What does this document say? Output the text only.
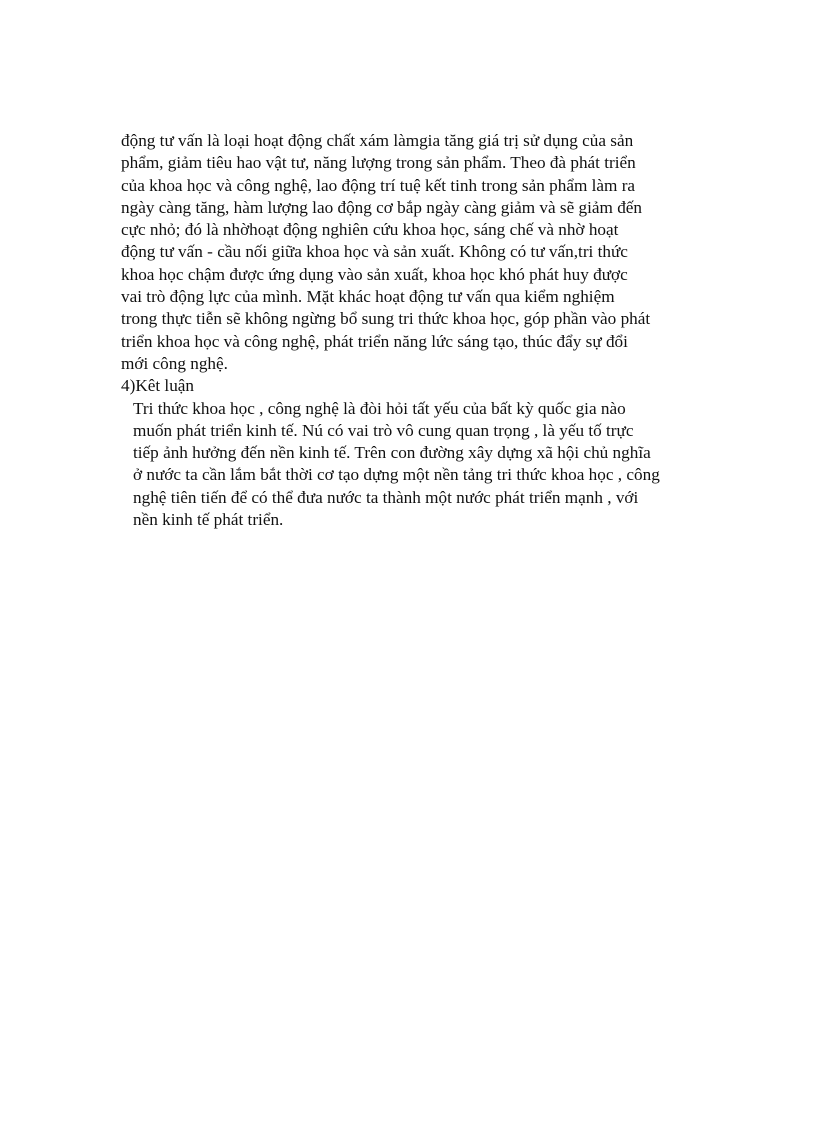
động tư vấn là loại hoạt động chất xám làmgia tăng giá trị sử dụng của sản
phẩm, giảm tiêu hao vật tư, năng lượng trong sản phẩm. Theo đà phát triển
của khoa học và công nghệ, lao động trí tuệ kết tinh trong sản phẩm làm ra
ngày càng tăng, hàm lượng lao động cơ bắp ngày càng giảm và sẽ giảm đến
cực nhỏ; đó là nhờhoạt động nghiên cứu khoa học, sáng chế và nhờ hoạt
động tư vấn - cầu nối giữa khoa học và sản xuất. Không có tư vấn,tri thức
khoa học chậm được ứng dụng vào sản xuất, khoa học khó phát huy được
vai trò động lực của mình. Mặt khác hoạt động tư vấn qua kiểm nghiệm
trong thực tiễn sẽ không ngừng bổ sung tri thức khoa học, góp phần vào phát
triển khoa học và công nghệ, phát triển năng lức sáng tạo, thúc đẩy sự đổi
mới công nghệ.
4)Kêt luận
Tri thức khoa học , công nghệ là đòi hỏi tất yếu của bất kỳ quốc gia nào
muốn phát triển kinh tế. Nú có vai trò vô cung quan trọng , là yếu tố trực
tiếp ảnh hưởng đến nền kinh tế. Trên con đường xây dựng xã hội chủ nghĩa
ở nước ta cần lắm bắt thời cơ tạo dựng một nền tảng tri thức khoa học , công
nghệ tiên tiến để có thể đưa nước ta thành một nước phát triển mạnh , với
nền kinh tế phát triển.
